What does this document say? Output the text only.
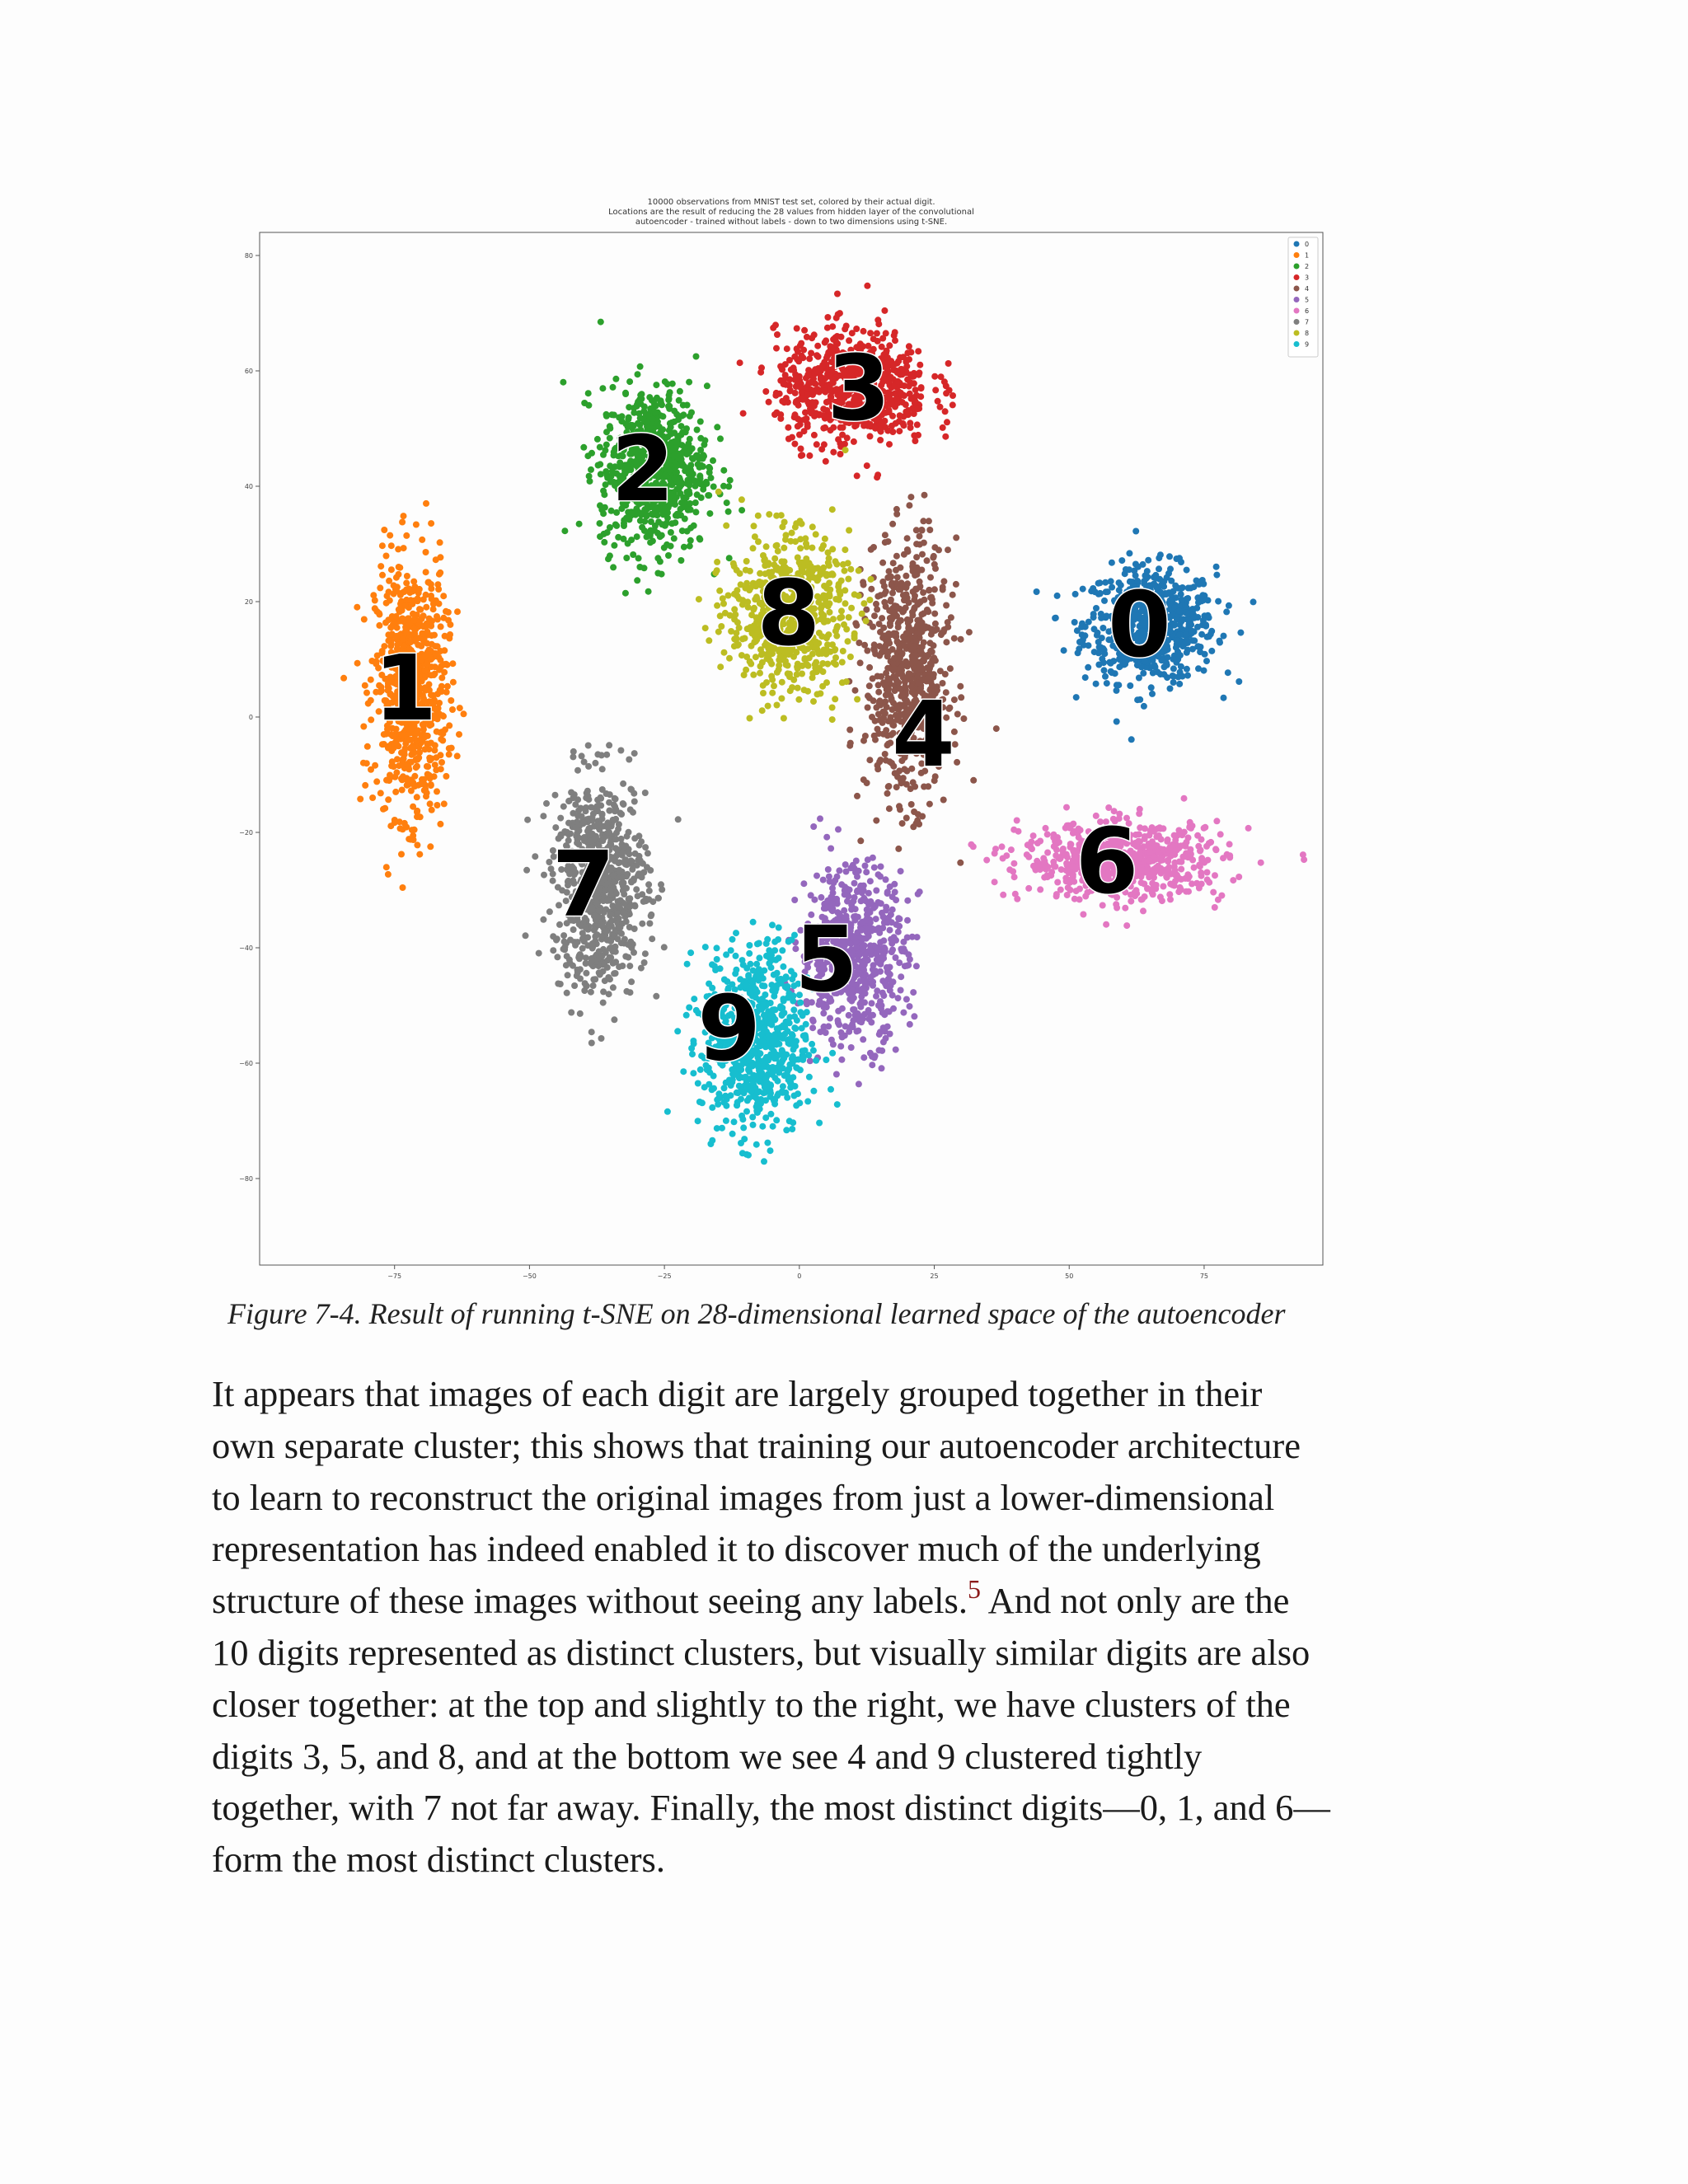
10000 observations from MNIST test set, colored by their actual digit.
Locations are the result of reducing the 28 values from hidden layer of the convolutional
autoencoder - trained without labels - down to two dimensions using t-SNE.
−75	−50	−25	0	25	50	75
80
60
40
20
0
−20
−40
−60
−80
0
1
2
3
4
5
6
7
8
9
0
1
2
3
4
5
6
7
8
9

Figure 7-4. Result of running t-SNE on 28-dimensional learned space of the autoencoder

It appears that images of each digit are largely grouped together in their
own separate cluster; this shows that training our autoencoder architecture
to learn to reconstruct the original images from just a lower-dimensional
representation has indeed enabled it to discover much of the underlying
structure of these images without seeing any labels.$^5$ And not only are the
10 digits represented as distinct clusters, but visually similar digits are also
closer together: at the top and slightly to the right, we have clusters of the
digits 3, 5, and 8, and at the bottom we see 4 and 9 clustered tightly
together, with 7 not far away. Finally, the most distinct digits—0, 1, and 6—
form the most distinct clusters.
